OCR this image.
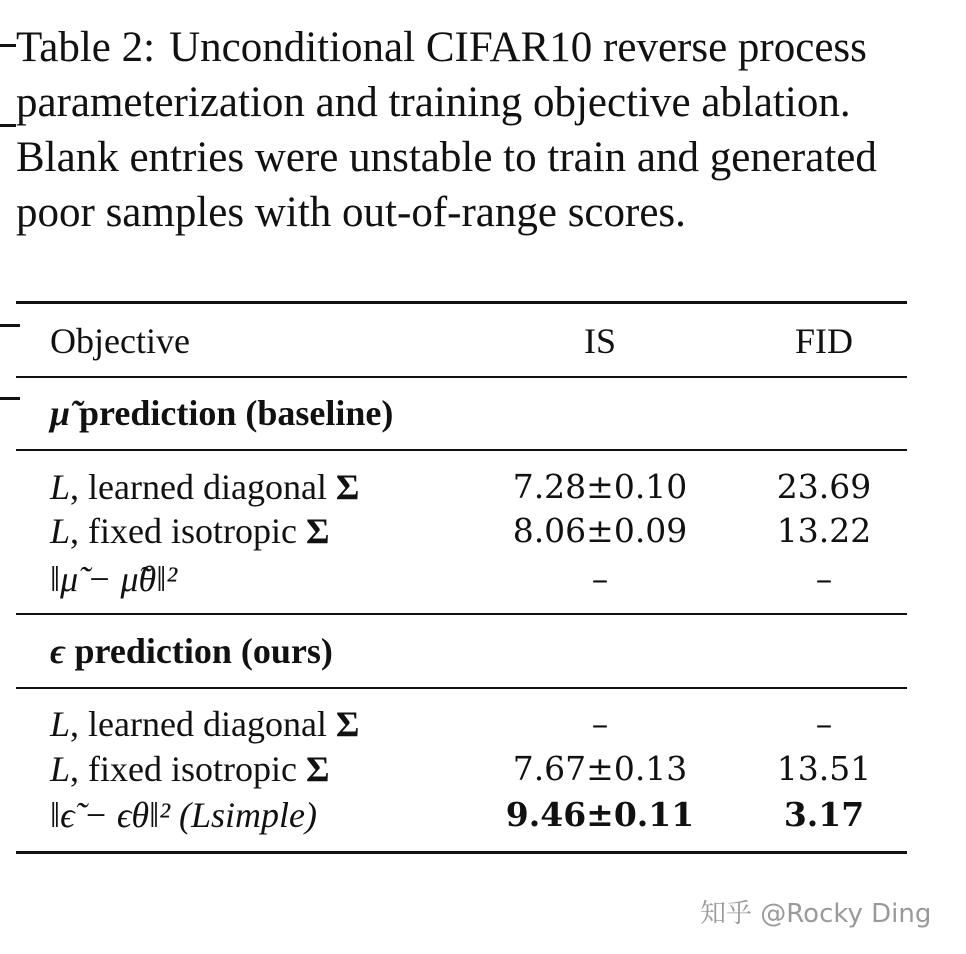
Table 2: Unconditional CIFAR10 reverse process parameterization and training objective ablation. Blank entries were unstable to train and generated poor samples with out-of-range scores.

Objective	IS	FID
μ̃ prediction (baseline)
L, learned diagonal Σ	7.28±0.10	23.69
L, fixed isotropic Σ	8.06±0.09	13.22
‖μ̃ − μ̃θ‖²	–	–
ϵ prediction (ours)
L, learned diagonal Σ	–	–
L, fixed isotropic Σ	7.67±0.13	13.51
‖ϵ̃ − ϵθ‖² (Lsimple)	9.46±0.11	3.17
知乎 @Rocky Ding
